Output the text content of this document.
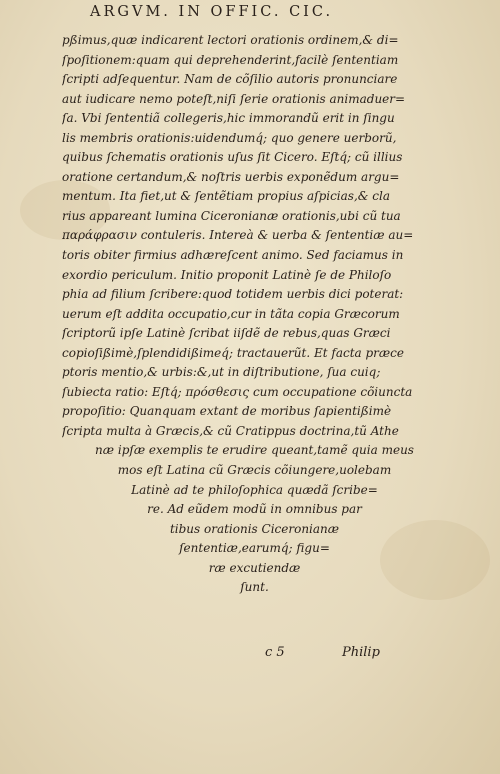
ARGVM. IN OFFIC. CIC.
pßimus,quæ indicarent lectori orationis ordinem,& di=
ſpoſitionem:quam qui deprehenderint,facilè ſententiam
ſcripti adſequentur. Nam de cõſilio autoris pronunciare
aut iudicare nemo poteſt,niſi ſerie orationis animaduer=
ſa. Vbi ſententiã collegeris,hic immorandũ erit in ſingu
lis membris orationis:uidendumq́; quo genere uerborũ,
quibus ſchematis orationis uſus ſit Cicero. Eſtq́; cũ illius
oratione certandum,& noſtris uerbis exponẽdum argu=
mentum. Ita fiet,ut & ſentẽtiam propius aſpicias,& cla
rius appareant lumina Ciceronianæ orationis,ubi cũ tua
παράφρασιν contuleris. Intereà & uerba & ſententiæ au=
toris obiter firmius adhæreſcent animo. Sed faciamus in
exordio periculum. Initio proponit Latinè ſe de Philoſo
phia ad filium ſcribere:quod totidem uerbis dici poterat:
uerum eſt addita occupatio,cur in tãta copia Græcorum
ſcriptorũ ipſe Latinè ſcribat iiſdẽ de rebus,quas Græci
copioſißimè,ſplendidißimeq́; tractauerũt. Et facta præce
ptoris mentio,& urbis:&,ut in diſtributione, ſua cuiq;
ſubiecta ratio: Eſtq́; πρόσθεσις cum occupatione cõiuncta
propoſitio: Quanquam extant de moribus ſapientißimè
ſcripta multa à Græcis,& cũ Cratippus doctrina,tũ Athe
næ ipſæ exemplis te erudire queant,tamẽ quia meus
mos eſt Latina cũ Græcis cõiungere,uolebam
Latinè ad te philoſophica quædã ſcribe=
re. Ad eũdem modũ in omnibus par
tibus orationis Ciceronianæ
ſententiæ,earumq́; figu=
ræ excutiendæ
ſunt.
c 5	Philip
